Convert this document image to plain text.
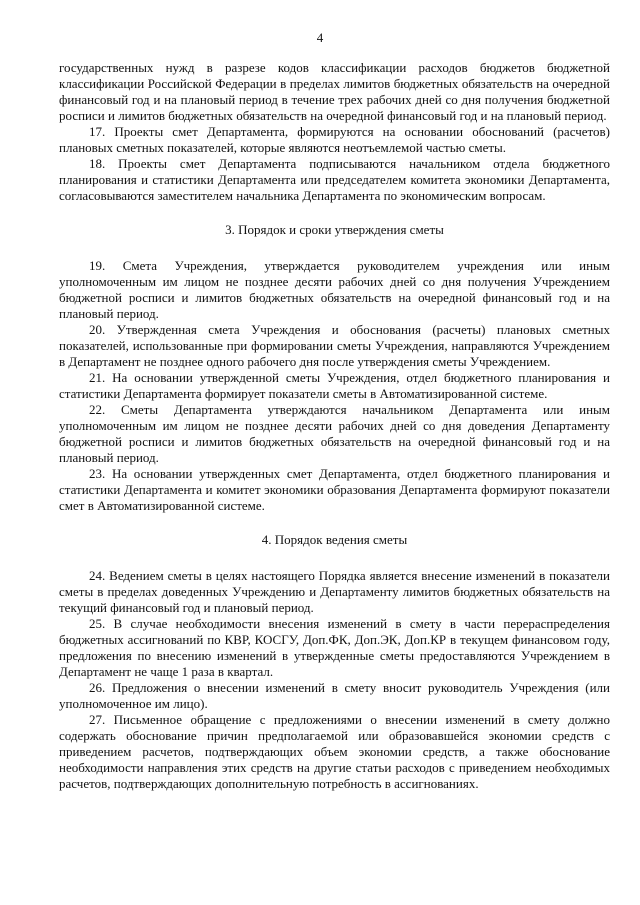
4

государственных нужд в разрезе кодов классификации расходов бюджетов бюджетной классификации Российской Федерации в пределах лимитов бюджетных обязательств на очередной финансовый год и на плановый период в течение трех рабочих дней со дня получения бюджетной росписи и лимитов бюджетных обязательств на очередной финансовый год и на плановый период.

17. Проекты смет Департамента, формируются на основании обоснований (расчетов) плановых сметных показателей, которые являются неотъемлемой частью сметы.

18. Проекты смет Департамента подписываются начальником отдела бюджетного планирования и статистики Департамента или председателем комитета экономики Департамента, согласовываются заместителем начальника Департамента по экономическим вопросам.

3. Порядок и сроки утверждения сметы

19. Смета Учреждения, утверждается руководителем учреждения или иным уполномоченным им лицом не позднее десяти рабочих дней со дня получения Учреждением бюджетной росписи и лимитов бюджетных обязательств на очередной финансовый год и на плановый период.

20. Утвержденная смета Учреждения и обоснования (расчеты) плановых сметных показателей, использованные при формировании сметы Учреждения, направляются Учреждением в Департамент не позднее одного рабочего дня после утверждения сметы Учреждением.

21. На основании утвержденной сметы Учреждения, отдел бюджетного планирования и статистики Департамента формирует показатели сметы в Автоматизированной системе.

22. Сметы Департамента утверждаются начальником Департамента или иным уполномоченным им лицом не позднее десяти рабочих дней со дня доведения Департаменту бюджетной росписи и лимитов бюджетных обязательств на очередной финансовый год и на плановый период.

23. На основании утвержденных смет Департамента, отдел бюджетного планирования и статистики Департамента и комитет экономики образования Департамента формируют показатели смет в Автоматизированной системе.

4. Порядок ведения сметы

24. Ведением сметы в целях настоящего Порядка является внесение изменений в показатели сметы в пределах доведенных Учреждению и Департаменту лимитов бюджетных обязательств на текущий финансовый год и плановый период.

25. В случае необходимости внесения изменений в смету в части перераспределения бюджетных ассигнований по КВР, КОСГУ, Доп.ФК, Доп.ЭК, Доп.КР в текущем финансовом году, предложения по внесению изменений в утвержденные сметы предоставляются Учреждением в Департамент не чаще 1 раза в квартал.

26. Предложения о внесении изменений в смету вносит руководитель Учреждения (или уполномоченное им лицо).

27. Письменное обращение с предложениями о внесении изменений в смету должно содержать обоснование причин предполагаемой или образовавшейся экономии средств с приведением расчетов, подтверждающих объем экономии средств, а также обоснование необходимости направления этих средств на другие статьи расходов с приведением необходимых расчетов, подтверждающих дополнительную потребность в ассигнованиях.
